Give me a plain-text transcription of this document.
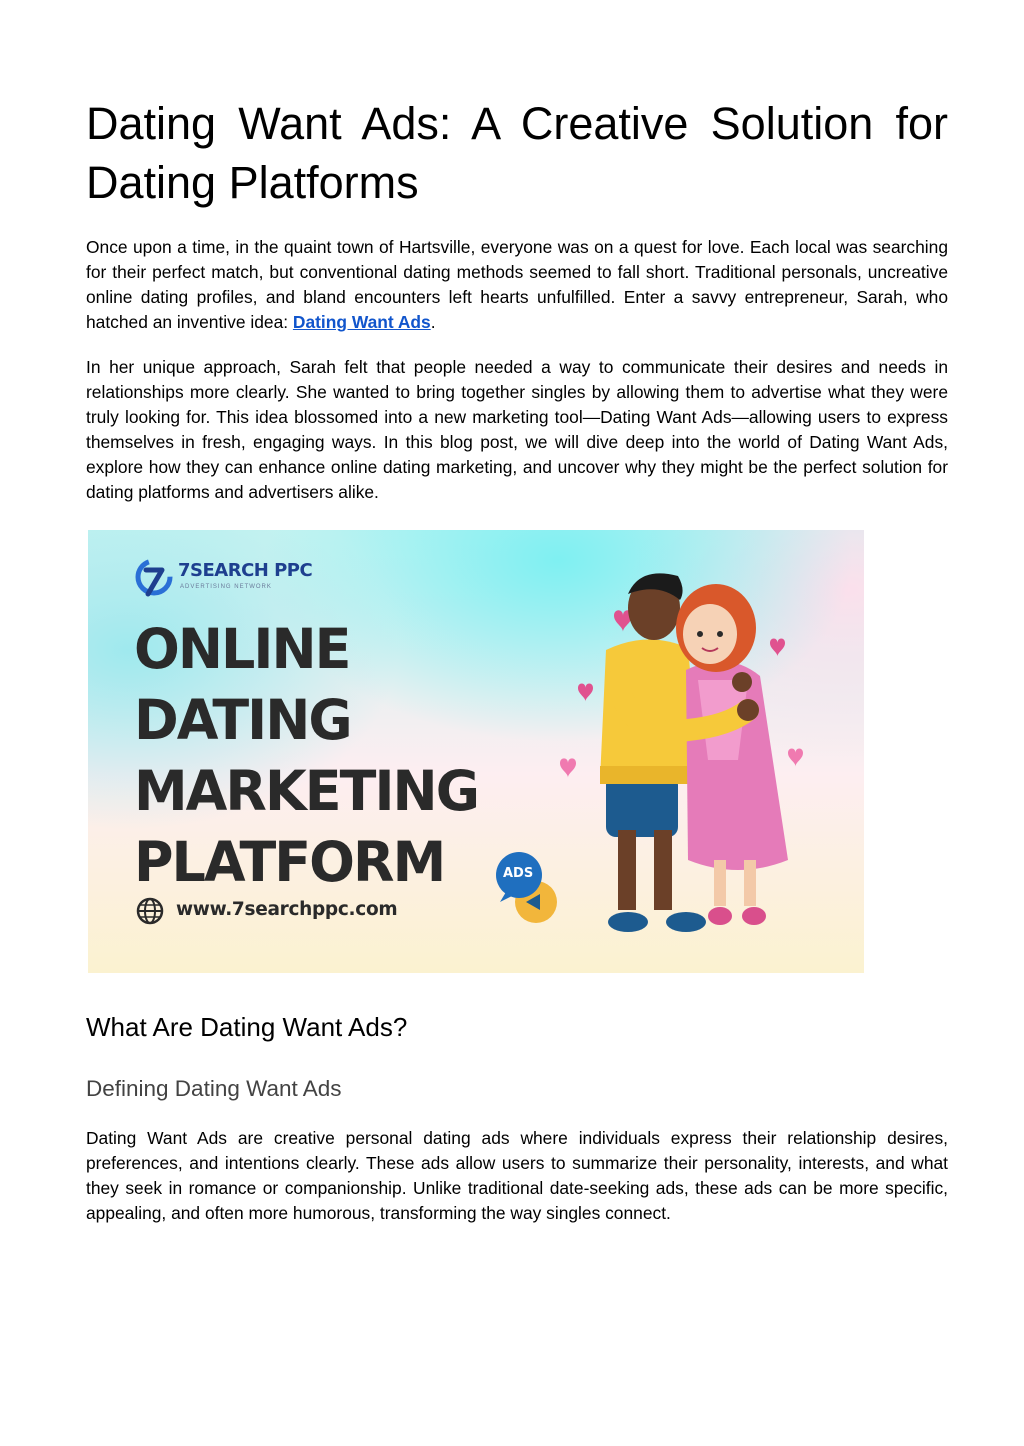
Dating Want Ads: A Creative Solution for Dating Platforms

Once upon a time, in the quaint town of Hartsville, everyone was on a quest for love. Each local was searching for their perfect match, but conventional dating methods seemed to fall short. Traditional personals, uncreative online dating profiles, and bland encounters left hearts unfulfilled. Enter a savvy entrepreneur, Sarah, who hatched an inventive idea: Dating Want Ads.

In her unique approach, Sarah felt that people needed a way to communicate their desires and needs in relationships more clearly. She wanted to bring together singles by allowing them to advertise what they were truly looking for. This idea blossomed into a new marketing tool—Dating Want Ads—allowing users to express themselves in fresh, engaging ways. In this blog post, we will dive deep into the world of Dating Want Ads, explore how they can enhance online dating marketing, and uncover why they might be the perfect solution for dating platforms and advertisers alike.

7SEARCH PPC
ADVERTISING NETWORK
ONLINE
DATING
MARKETING
PLATFORM
www.7searchppc.com
ADS
What Are Dating Want Ads?
Defining Dating Want Ads

Dating Want Ads are creative personal dating ads where individuals express their relationship desires, preferences, and intentions clearly. These ads allow users to summarize their personality, interests, and what they seek in romance or companionship. Unlike traditional date-seeking ads, these ads can be more specific, appealing, and often more humorous, transforming the way singles connect.
